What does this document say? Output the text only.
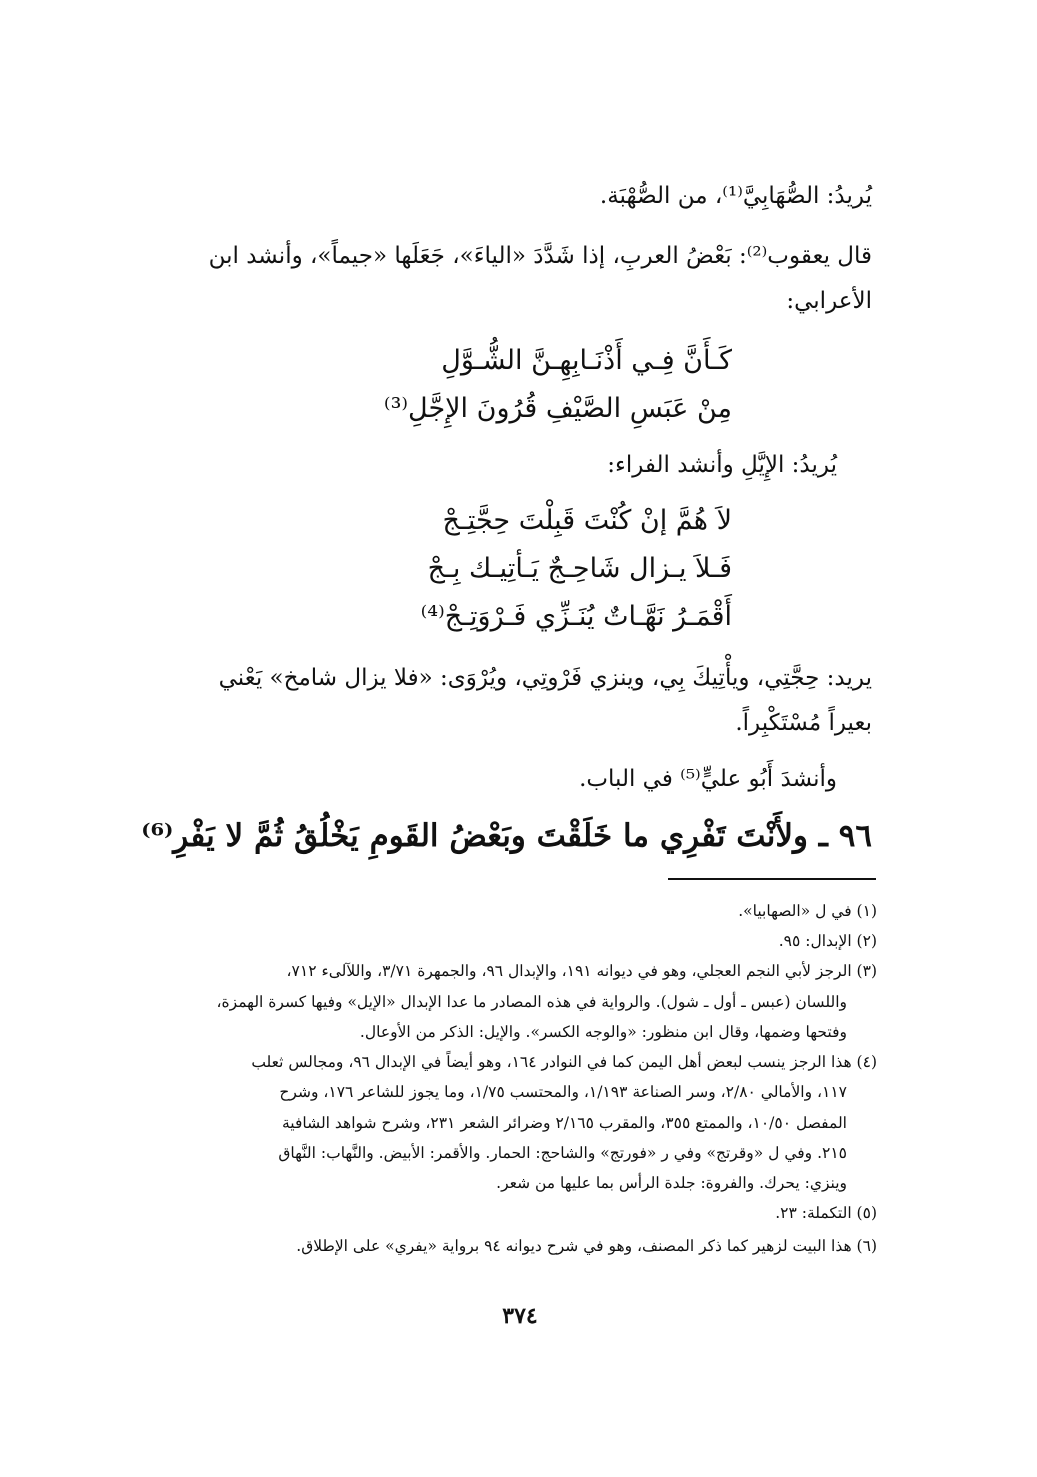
يُريدُ: الصُّهَابِيَّ⁽¹⁾، من الصُّهْبَة.
قال يعقوب⁽²⁾: بَعْضُ العربِ، إذا شَدَّدَ «الياءَ»، جَعَلَها «جيماً»، وأنشد ابن
الأعرابي:
كَـأَنَّ فِـي أَذْنَـابِهِـنَّ الشُّـوَّلِ
مِنْ عَبَسِ الصَّيْفِ قُرُونَ الإِجَّلِ⁽³⁾
يُريدُ: الإِيَّلِ وأنشد الفراء:
لاَ هُمَّ إنْ كُنْتَ قَبِلْتَ حِجَّتِـجْ
فَـلاَ يـزال شَاحِـجٌ يَـأتِيـك بِـجْ
أَقْمَـرُ نَهَّـاتٌ يُنَـزِّي فَـرْوَتِـجْ⁽⁴⁾
يريد: حِجَّتِي، ويأْتِيكَ بِي، وينزي فَرْوتِي، ويُرْوَى: «فلا يزال شامخ» يَعْني
بعيراً مُسْتَكْبِراً.
وأنشدَ أَبُو عليٍّ⁽⁵⁾ في الباب.
٩٦ ـ ولأَنْتَ تَفْرِي ما خَلَقْتَ وبَعْضُ القَومِ يَخْلُقُ ثُمَّ لا يَفْرِ⁽⁶⁾
(١) في ل «الصهابيا».
(٢) الإبدال: ٩٥.
(٣) الرجز لأبي النجم العجلي، وهو في ديوانه ١٩١، والإبدال ٩٦، والجمهرة ٣/٧١، واللآلىء ٧١٢،
واللسان (عبس ـ أول ـ شول). والرواية في هذه المصادر ما عدا الإبدال «الإيل» وفيها كسرة الهمزة،
وفتحها وضمها، وقال ابن منظور: «والوجه الكسر». والإيل: الذكر من الأوعال.
(٤) هذا الرجز ينسب لبعض أهل اليمن كما في النوادر ١٦٤، وهو أيضاً في الإبدال ٩٦، ومجالس ثعلب
١١٧، والأمالي ٢/٨٠، وسر الصناعة ١/١٩٣، والمحتسب ١/٧٥، وما يجوز للشاعر ١٧٦، وشرح
المفصل ١٠/٥٠، والممتع ٣٥٥، والمقرب ٢/١٦٥ وضرائر الشعر ٢٣١، وشرح شواهد الشافية
٢١٥. وفي ل «وقرتج» وفي ر «فورتج» والشاحج: الحمار. والأقمر: الأبيض. والنَّهاب: النَّهاق
وينزي: يحرك. والفروة: جلدة الرأس بما عليها من شعر.
(٥) التكملة: ٢٣.
(٦) هذا البيت لزهير كما ذكر المصنف، وهو في شرح ديوانه ٩٤ برواية «يفري» على الإطلاق.
٣٧٤
